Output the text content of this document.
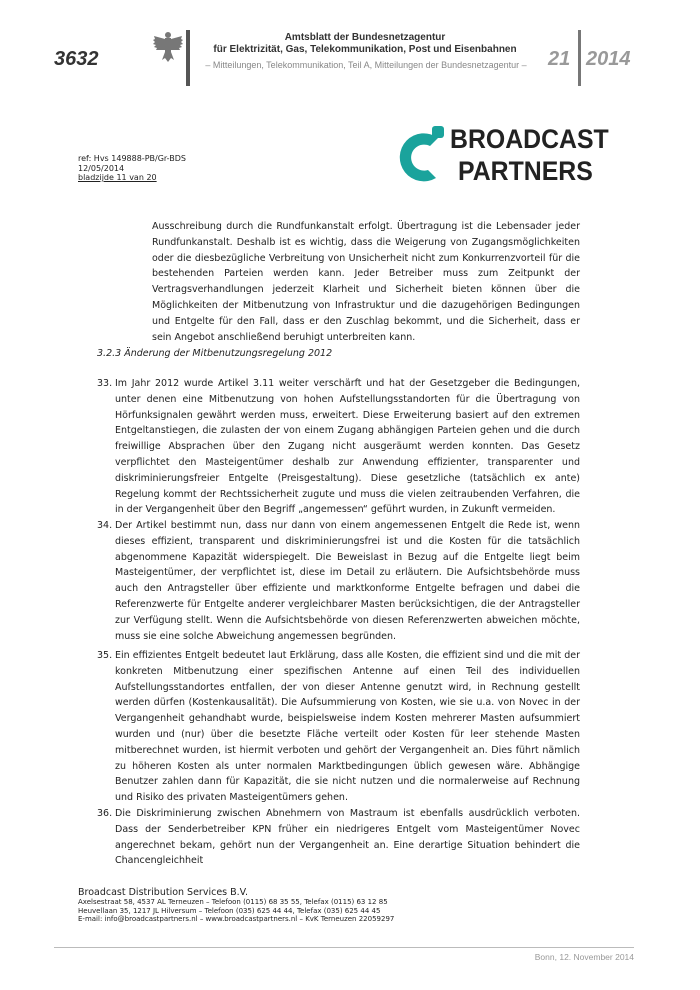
3632
Amtsblatt der Bundesnetzagentur
für Elektrizität, Gas, Telekommunikation, Post und Eisenbahnen
– Mitteilungen, Telekommunikation, Teil A, Mitteilungen der Bundesnetzagentur –	21 2014
BROADCAST
PARTNERS
ref: Hvs 149888-PB/Gr-BDS
12/05/2014
bladzijde 11 van 20
Ausschreibung durch die Rundfunkanstalt erfolgt. Übertragung ist die Lebensader jeder Rundfunkanstalt. Deshalb ist es wichtig, dass die Weigerung von Zugangsmöglichkeiten oder die diesbezügliche Verbreitung von Unsicherheit nicht zum Konkurrenzvorteil für die bestehenden Parteien werden kann. Jeder Betreiber muss zum Zeitpunkt der Vertragsverhandlungen jederzeit Klarheit und Sicherheit bieten können über die Möglichkeiten der Mitbenutzung von Infrastruktur und die dazugehörigen Bedingungen und Entgelte für den Fall, dass er den Zuschlag bekommt, und die Sicherheit, dass er sein Angebot anschließend beruhigt unterbreiten kann.
3.2.3 Änderung der Mitbenutzungsregelung 2012
33. Im Jahr 2012 wurde Artikel 3.11 weiter verschärft und hat der Gesetzgeber die Bedingungen, unter denen eine Mitbenutzung von hohen Aufstellungsstandorten für die Übertragung von Hörfunksignalen gewährt werden muss, erweitert. Diese Erweiterung basiert auf den extremen Entgeltanstiegen, die zulasten der von einem Zugang abhängigen Parteien gehen und die durch freiwillige Absprachen über den Zugang nicht ausgeräumt werden konnten. Das Gesetz verpflichtet den Masteigentümer deshalb zur Anwendung effizienter, transparenter und diskriminierungsfreier Entgelte (Preisgestaltung). Diese gesetzliche (tatsächlich ex ante) Regelung kommt der Rechtssicherheit zugute und muss die vielen zeitraubenden Verfahren, die in der Vergangenheit über den Begriff „angemessen“ geführt wurden, in Zukunft vermeiden.
34. Der Artikel bestimmt nun, dass nur dann von einem angemessenen Entgelt die Rede ist, wenn dieses effizient, transparent und diskriminierungsfrei ist und die Kosten für die tatsächlich abgenommene Kapazität widerspiegelt. Die Beweislast in Bezug auf die Entgelte liegt beim Masteigentümer, der verpflichtet ist, diese im Detail zu erläutern. Die Aufsichtsbehörde muss auch den Antragsteller über effiziente und marktkonforme Entgelte befragen und dabei die Referenzwerte für Entgelte anderer vergleichbarer Masten berücksichtigen, die der Antragsteller zur Verfügung stellt. Wenn die Aufsichtsbehörde von diesen Referenzwerten abweichen möchte, muss sie eine solche Abweichung angemessen begründen.
35. Ein effizientes Entgelt bedeutet laut Erklärung, dass alle Kosten, die effizient sind und die mit der konkreten Mitbenutzung einer spezifischen Antenne auf einen Teil des individuellen Aufstellungsstandortes entfallen, der von dieser Antenne genutzt wird, in Rechnung gestellt werden dürfen (Kostenkausalität). Die Aufsummierung von Kosten, wie sie u.a. von Novec in der Vergangenheit gehandhabt wurde, beispielsweise indem Kosten mehrerer Masten aufsummiert wurden und (nur) über die besetzte Fläche verteilt oder Kosten für leer stehende Masten mitberechnet wurden, ist hiermit verboten und gehört der Vergangenheit an. Dies führt nämlich zu höheren Kosten als unter normalen Marktbedingungen üblich gewesen wäre. Abhängige Benutzer zahlen dann für Kapazität, die sie nicht nutzen und die normalerweise auf Rechnung und Risiko des privaten Masteigentümers gehen.
36. Die Diskriminierung zwischen Abnehmern von Mastraum ist ebenfalls ausdrücklich verboten. Dass der Senderbetreiber KPN früher ein niedrigeres Entgelt vom Masteigentümer Novec angerechnet bekam, gehört nun der Vergangenheit an. Eine derartige Situation behindert die Chancengleichheit
Broadcast Distribution Services B.V.
Axelsestraat 58, 4537 AL Terneuzen – Telefoon (0115) 68 35 55, Telefax (0115) 63 12 85
Heuvellaan 35, 1217 JL Hilversum – Telefoon (035) 625 44 44, Telefax (035) 625 44 45
E-mail: info@broadcastpartners.nl – www.broadcastpartners.nl – KvK Terneuzen 22059297
Bonn, 12. November 2014
